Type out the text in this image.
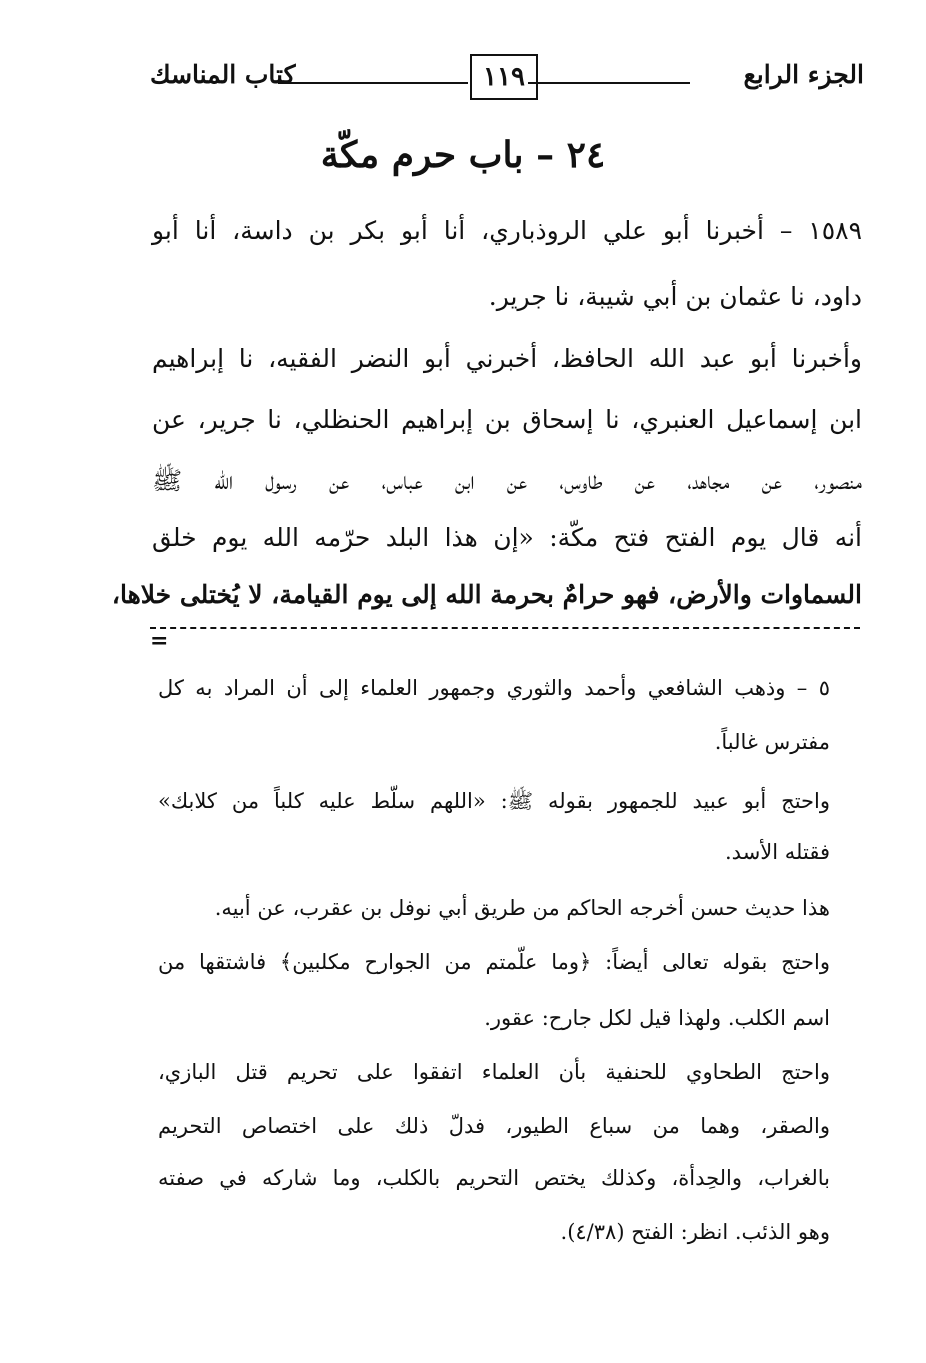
الجزء الرابع
١١٩
كتاب المناسك
٢٤ – باب حرم مكّة
١٥٨٩ – أخبرنا أبو علي الروذباري، أنا أبو بكر بن داسة، أنا أبو
داود، نا عثمان بن أبي شيبة، نا جرير.
وأخبرنا أبو عبد الله الحافظ، أخبرني أبو النضر الفقيه، نا إبراهيم
ابن إسماعيل العنبري، نا إسحاق بن إبراهيم الحنظلي، نا جرير، عن
منصور، عن مجاهد، عن طاوس، عن ابن عباس، عن رسول الله ﷺ
أنه قال يوم الفتح فتح مكّة: «إن هذا البلد حرّمه الله يوم خلق
السماوات والأرض، فهو حرامٌ بحرمة الله إلى يوم القيامة، لا يُختلى خلاها،
=
٥ – وذهب الشافعي وأحمد والثوري وجمهور العلماء إلى أن المراد به كل
مفترس غالباً.
واحتج أبو عبيد للجمهور بقوله ﷺ: «اللهم سلّط عليه كلباً من كلابك»
فقتله الأسد.
هذا حديث حسن أخرجه الحاكم من طريق أبي نوفل بن عقرب، عن أبيه.
واحتج بقوله تعالى أيضاً: ﴿وما علّمتم من الجوارح مكلبين﴾ فاشتقها من
اسم الكلب. ولهذا قيل لكل جارح: عقور.
واحتج الطحاوي للحنفية بأن العلماء اتفقوا على تحريم قتل البازي،
والصقر، وهما من سباع الطيور، فدلّ ذلك على اختصاص التحريم
بالغراب، والحِدأة، وكذلك يختص التحريم بالكلب، وما شاركه في صفته
وهو الذئب. انظر: الفتح (٤/٣٨).
